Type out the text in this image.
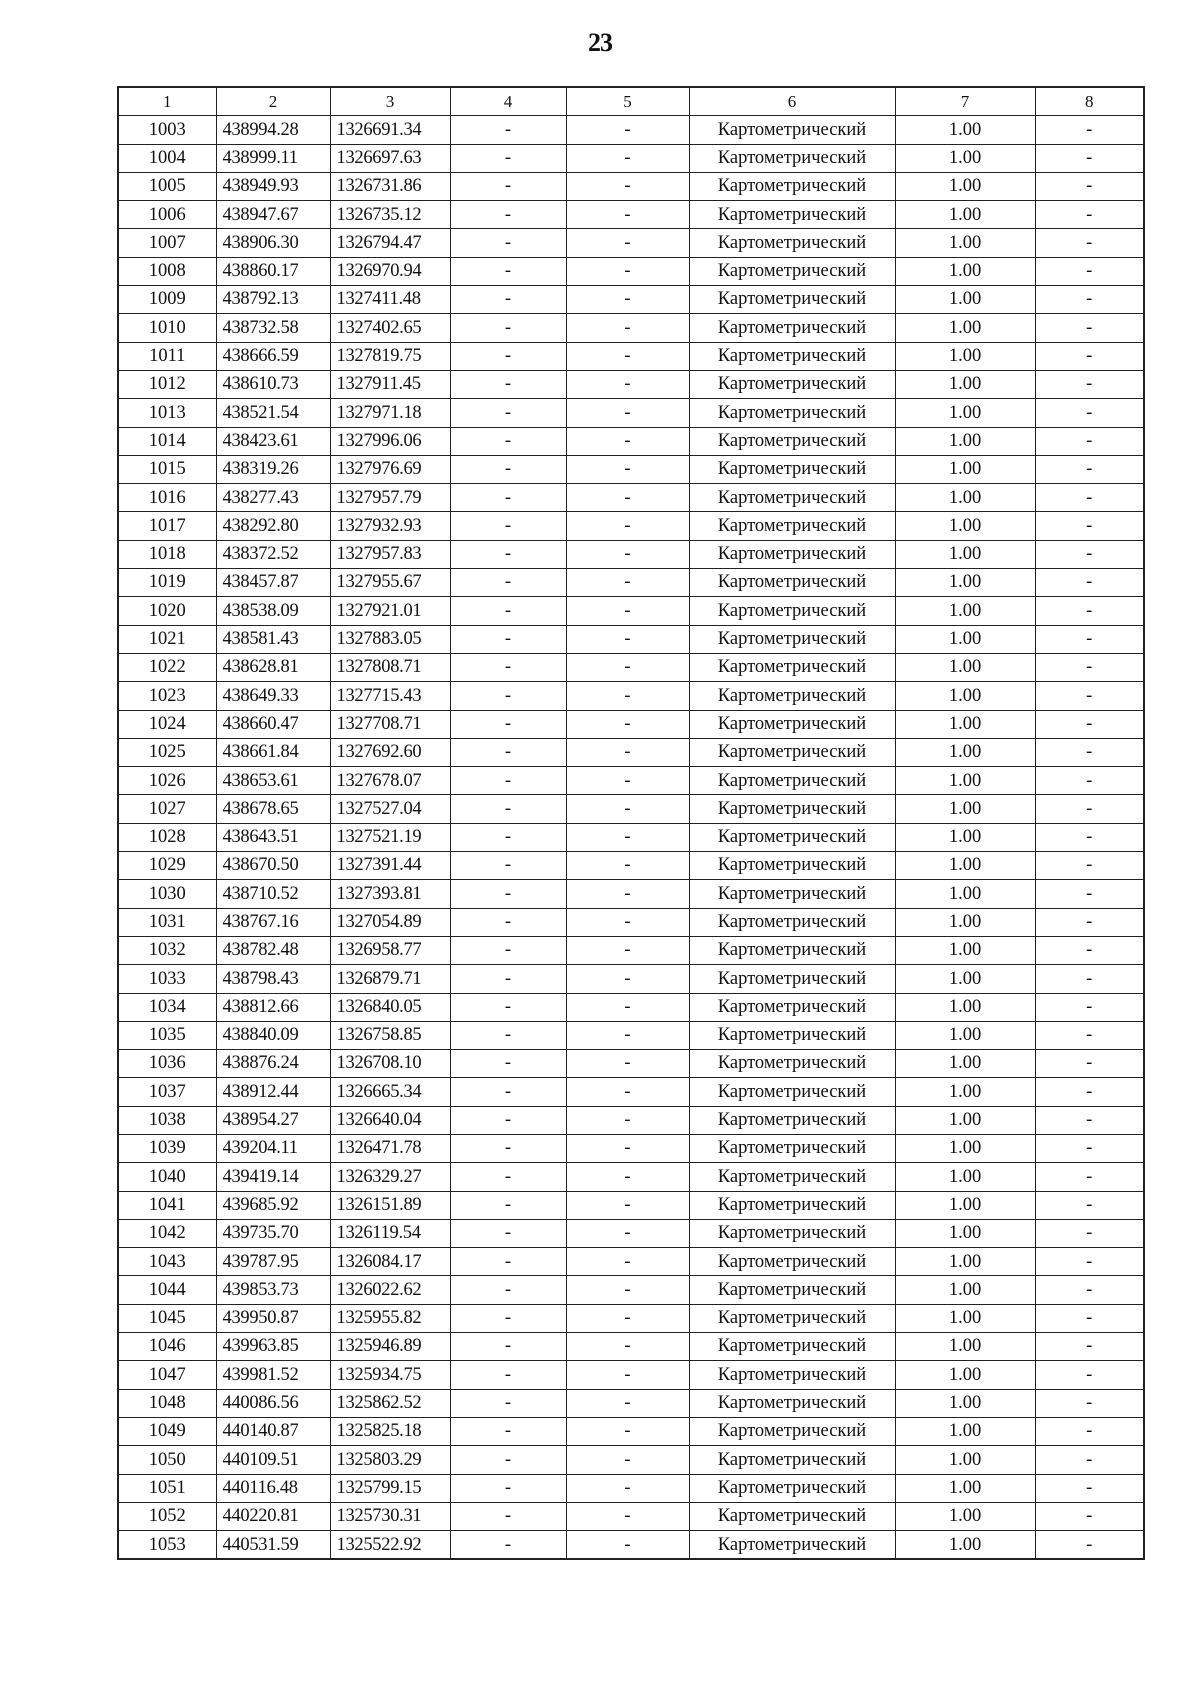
23
1	2	3	4	5	6	7	8
1003	438994.28	1326691.34	-	-	Картометрический	1.00	-
1004	438999.11	1326697.63	-	-	Картометрический	1.00	-
1005	438949.93	1326731.86	-	-	Картометрический	1.00	-
1006	438947.67	1326735.12	-	-	Картометрический	1.00	-
1007	438906.30	1326794.47	-	-	Картометрический	1.00	-
1008	438860.17	1326970.94	-	-	Картометрический	1.00	-
1009	438792.13	1327411.48	-	-	Картометрический	1.00	-
1010	438732.58	1327402.65	-	-	Картометрический	1.00	-
1011	438666.59	1327819.75	-	-	Картометрический	1.00	-
1012	438610.73	1327911.45	-	-	Картометрический	1.00	-
1013	438521.54	1327971.18	-	-	Картометрический	1.00	-
1014	438423.61	1327996.06	-	-	Картометрический	1.00	-
1015	438319.26	1327976.69	-	-	Картометрический	1.00	-
1016	438277.43	1327957.79	-	-	Картометрический	1.00	-
1017	438292.80	1327932.93	-	-	Картометрический	1.00	-
1018	438372.52	1327957.83	-	-	Картометрический	1.00	-
1019	438457.87	1327955.67	-	-	Картометрический	1.00	-
1020	438538.09	1327921.01	-	-	Картометрический	1.00	-
1021	438581.43	1327883.05	-	-	Картометрический	1.00	-
1022	438628.81	1327808.71	-	-	Картометрический	1.00	-
1023	438649.33	1327715.43	-	-	Картометрический	1.00	-
1024	438660.47	1327708.71	-	-	Картометрический	1.00	-
1025	438661.84	1327692.60	-	-	Картометрический	1.00	-
1026	438653.61	1327678.07	-	-	Картометрический	1.00	-
1027	438678.65	1327527.04	-	-	Картометрический	1.00	-
1028	438643.51	1327521.19	-	-	Картометрический	1.00	-
1029	438670.50	1327391.44	-	-	Картометрический	1.00	-
1030	438710.52	1327393.81	-	-	Картометрический	1.00	-
1031	438767.16	1327054.89	-	-	Картометрический	1.00	-
1032	438782.48	1326958.77	-	-	Картометрический	1.00	-
1033	438798.43	1326879.71	-	-	Картометрический	1.00	-
1034	438812.66	1326840.05	-	-	Картометрический	1.00	-
1035	438840.09	1326758.85	-	-	Картометрический	1.00	-
1036	438876.24	1326708.10	-	-	Картометрический	1.00	-
1037	438912.44	1326665.34	-	-	Картометрический	1.00	-
1038	438954.27	1326640.04	-	-	Картометрический	1.00	-
1039	439204.11	1326471.78	-	-	Картометрический	1.00	-
1040	439419.14	1326329.27	-	-	Картометрический	1.00	-
1041	439685.92	1326151.89	-	-	Картометрический	1.00	-
1042	439735.70	1326119.54	-	-	Картометрический	1.00	-
1043	439787.95	1326084.17	-	-	Картометрический	1.00	-
1044	439853.73	1326022.62	-	-	Картометрический	1.00	-
1045	439950.87	1325955.82	-	-	Картометрический	1.00	-
1046	439963.85	1325946.89	-	-	Картометрический	1.00	-
1047	439981.52	1325934.75	-	-	Картометрический	1.00	-
1048	440086.56	1325862.52	-	-	Картометрический	1.00	-
1049	440140.87	1325825.18	-	-	Картометрический	1.00	-
1050	440109.51	1325803.29	-	-	Картометрический	1.00	-
1051	440116.48	1325799.15	-	-	Картометрический	1.00	-
1052	440220.81	1325730.31	-	-	Картометрический	1.00	-
1053	440531.59	1325522.92	-	-	Картометрический	1.00	-
